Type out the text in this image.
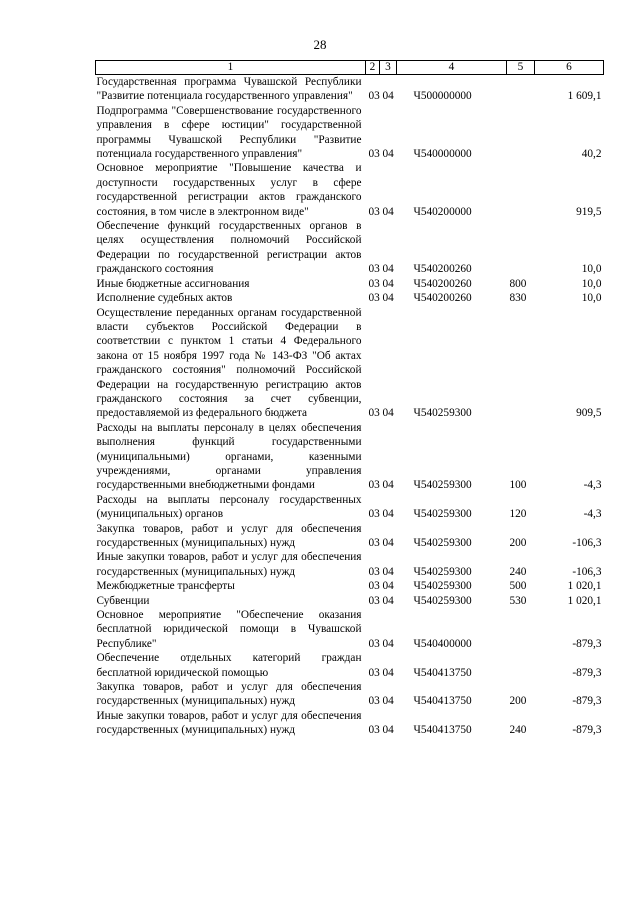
28
1	2	3	4	5	6
Государственная программа Чувашской Республики "Развитие потенциала государственного управления"	03	04	Ч500000000		1 609,1
Подпрограмма "Совершенствование государственного управления в сфере юстиции" государственной программы Чувашской Республики "Развитие потенциала государственного управления"	03	04	Ч540000000		40,2
Основное мероприятие "Повышение качества и доступности государственных услуг в сфере государственной регистрации актов гражданского состояния, в том числе в электронном виде"	03	04	Ч540200000		919,5
Обеспечение функций государственных органов в целях осуществления полномочий Российской Федерации по государственной регистрации актов гражданского состояния	03	04	Ч540200260		10,0
Иные бюджетные ассигнования	03	04	Ч540200260	800	10,0
Исполнение судебных актов	03	04	Ч540200260	830	10,0
Осуществление переданных органам государственной власти субъектов Российской Федерации в соответствии с пунктом 1 статьи 4 Федерального закона от 15 ноября 1997 года № 143-ФЗ "Об актах гражданского состояния" полномочий Российской Федерации на государственную регистрацию актов гражданского состояния за счет субвенции, предоставляемой из федерального бюджета	03	04	Ч540259300		909,5
Расходы на выплаты персоналу в целях обеспечения выполнения функций государственными (муниципальными) органами, казенными учреждениями, органами управления государственными внебюджетными фондами	03	04	Ч540259300	100	-4,3
Расходы на выплаты персоналу государственных (муниципальных) органов	03	04	Ч540259300	120	-4,3
Закупка товаров, работ и услуг для обеспечения государственных (муниципальных) нужд	03	04	Ч540259300	200	-106,3
Иные закупки товаров, работ и услуг для обеспечения государственных (муниципальных) нужд	03	04	Ч540259300	240	-106,3
Межбюджетные трансферты	03	04	Ч540259300	500	1 020,1
Субвенции	03	04	Ч540259300	530	1 020,1
Основное мероприятие "Обеспечение оказания бесплатной юридической помощи в Чувашской Республике"	03	04	Ч540400000		-879,3
Обеспечение отдельных категорий граждан бесплатной юридической помощью	03	04	Ч540413750		-879,3
Закупка товаров, работ и услуг для обеспечения государственных (муниципальных) нужд	03	04	Ч540413750	200	-879,3
Иные закупки товаров, работ и услуг для обеспечения государственных (муниципальных) нужд	03	04	Ч540413750	240	-879,3
